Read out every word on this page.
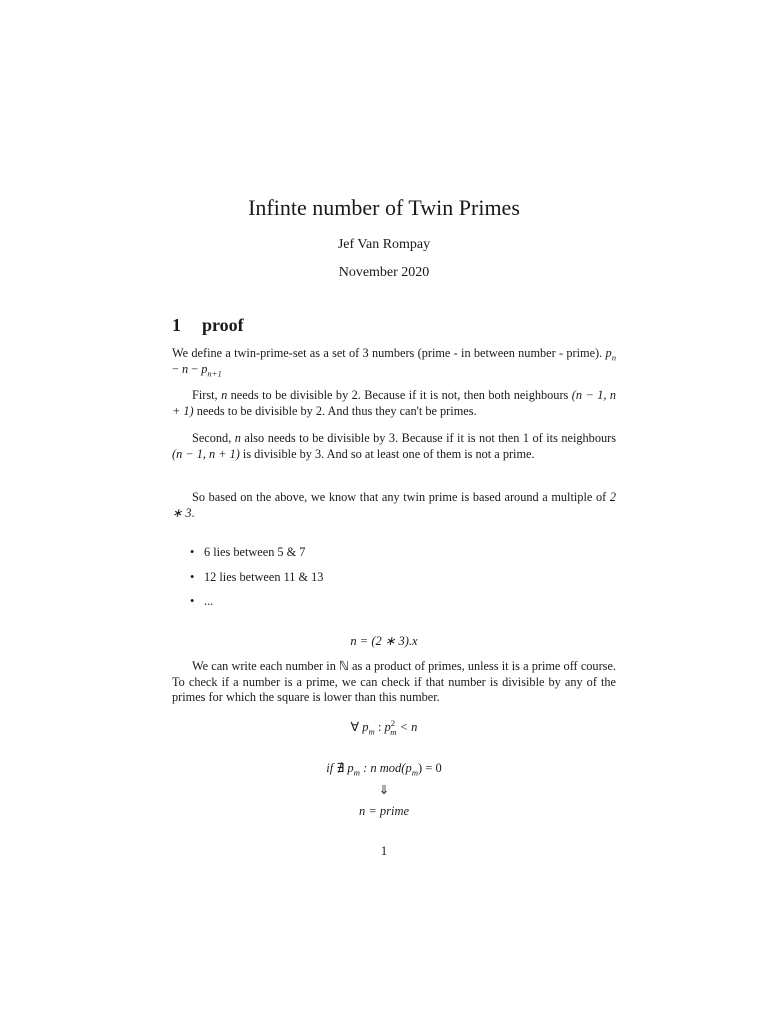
Infinte number of Twin Primes
Jef Van Rompay
November 2020
1 proof
We define a twin-prime-set as a set of 3 numbers (prime - in between number - prime). $p_n - n - p_{n+1}$
First, n needs to be divisible by 2. Because if it is not, then both neighbours (n − 1, n + 1) needs to be divisible by 2. And thus they can't be primes.
Second, n also needs to be divisible by 3. Because if it is not then 1 of its neighbours (n − 1, n + 1) is divisible by 3. And so at least one of them is not a prime.
So based on the above, we know that any twin prime is based around a multiple of 2 ∗ 3.
• 6 lies between 5 & 7
• 12 lies between 11 & 13
• ...
n = (2 ∗ 3).x
We can write each number in ℕ as a product of primes, unless it is a prime off course. To check if a number is a prime, we can check if that number is divisible by any of the primes for which the square is lower than this number.
∀ $p_m$ : $p^2_m < n$
if ∄ $p_m$ : n $mod(p_m) = 0$
⇓
n = prime
1
